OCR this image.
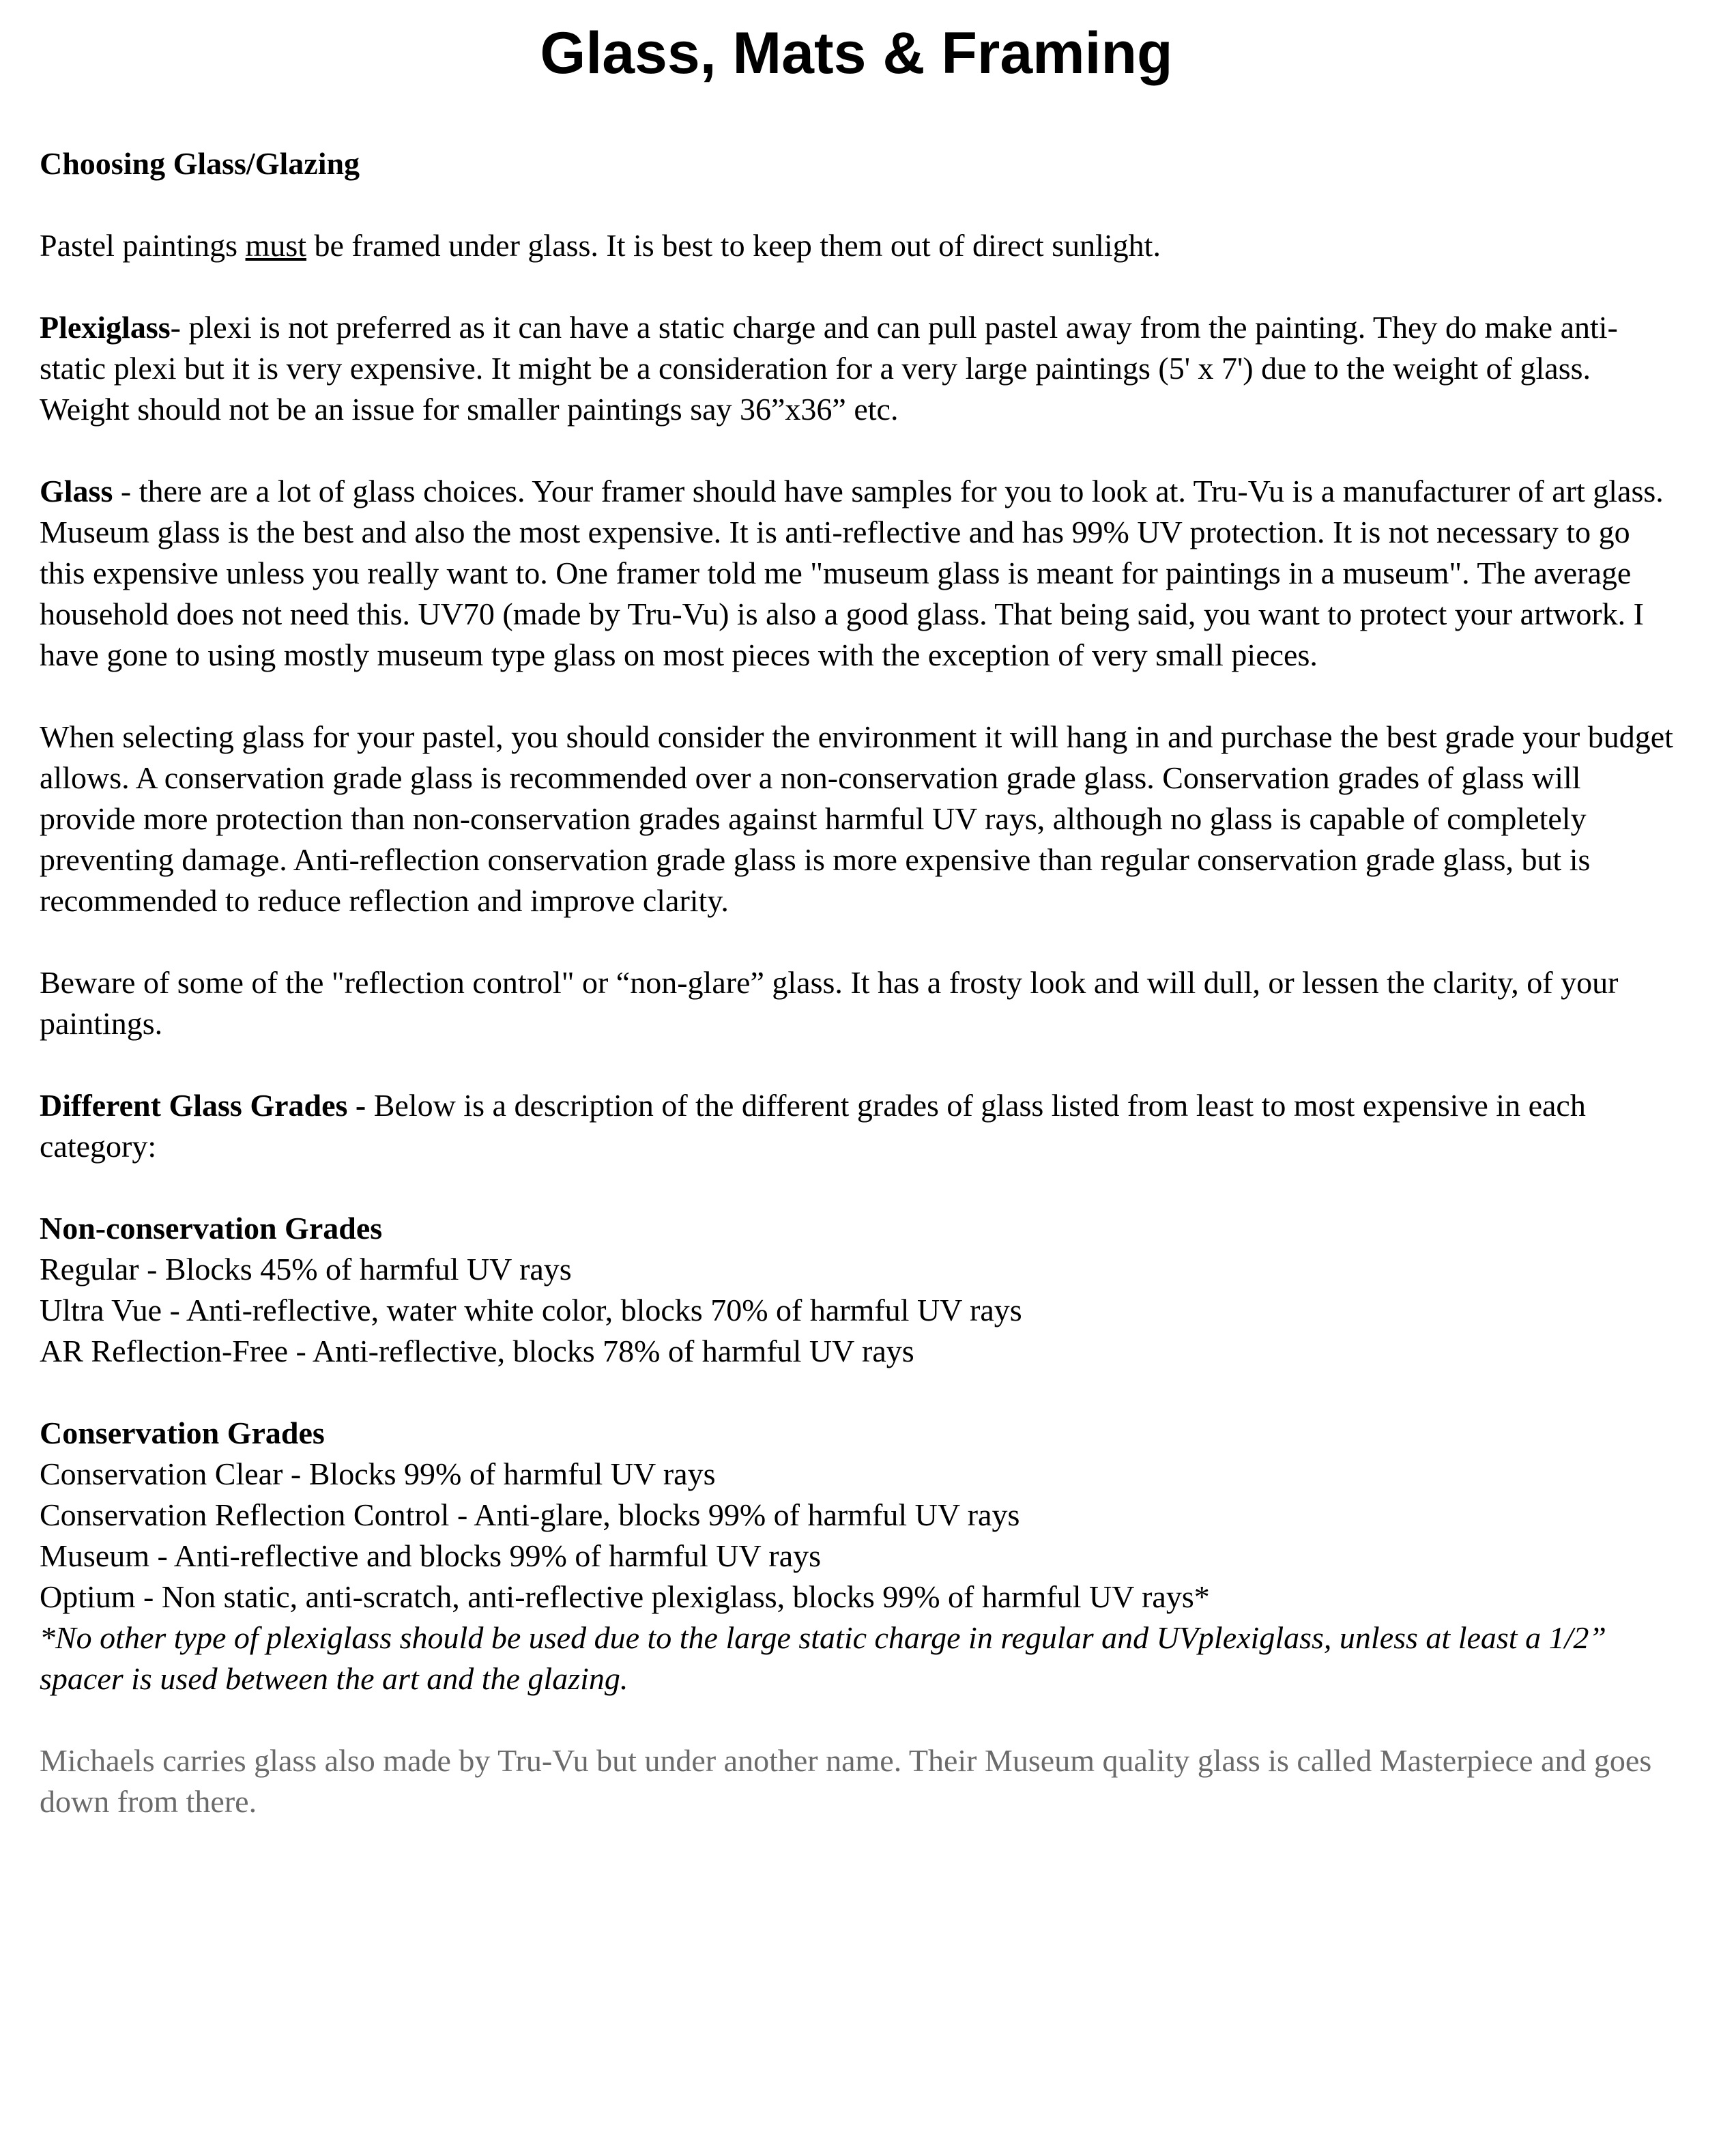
Glass, Mats & Framing

Choosing Glass/Glazing

Pastel paintings must be framed under glass. It is best to keep them out of direct sunlight.

Plexiglass- plexi is not preferred as it can have a static charge and can pull pastel away from the painting. They do make anti-static plexi but it is very expensive. It might be a consideration for a very large paintings (5' x 7') due to the weight of glass. Weight should not be an issue for smaller paintings say 36”x36” etc.

Glass - there are a lot of glass choices. Your framer should have samples for you to look at. Tru-Vu is a manufacturer of art glass. Museum glass is the best and also the most expensive. It is anti-reflective and has 99% UV protection. It is not necessary to go this expensive unless you really want to. One framer told me "museum glass is meant for paintings in a museum". The average household does not need this. UV70 (made by Tru-Vu) is also a good glass. That being said, you want to protect your artwork. I have gone to using mostly museum type glass on most pieces with the exception of very small pieces.

When selecting glass for your pastel, you should consider the environment it will hang in and purchase the best grade your budget allows. A conservation grade glass is recommended over a non-conservation grade glass. Conservation grades of glass will provide more protection than non-conservation grades against harmful UV rays, although no glass is capable of completely preventing damage. Anti-reflection conservation grade glass is more expensive than regular conservation grade glass, but is recommended to reduce reflection and improve clarity.

Beware of some of the "reflection control" or “non-glare” glass. It has a frosty look and will dull, or lessen the clarity, of your paintings.

Different Glass Grades - Below is a description of the different grades of glass listed from least to most expensive in each category:

Non-conservation Grades
Regular - Blocks 45% of harmful UV rays
Ultra Vue - Anti-reflective, water white color, blocks 70% of harmful UV rays
AR Reflection-Free - Anti-reflective, blocks 78% of harmful UV rays
Conservation Grades
Conservation Clear - Blocks 99% of harmful UV rays
Conservation Reflection Control - Anti-glare, blocks 99% of harmful UV rays
Museum - Anti-reflective and blocks 99% of harmful UV rays
Optium - Non static, anti-scratch, anti-reflective plexiglass, blocks 99% of harmful UV rays*
*No other type of plexiglass should be used due to the large static charge in regular and UVplexiglass, unless at least a 1/2” spacer is used between the art and the glazing.

Michaels carries glass also made by Tru-Vu but under another name. Their Museum quality glass is called Masterpiece and goes down from there.
